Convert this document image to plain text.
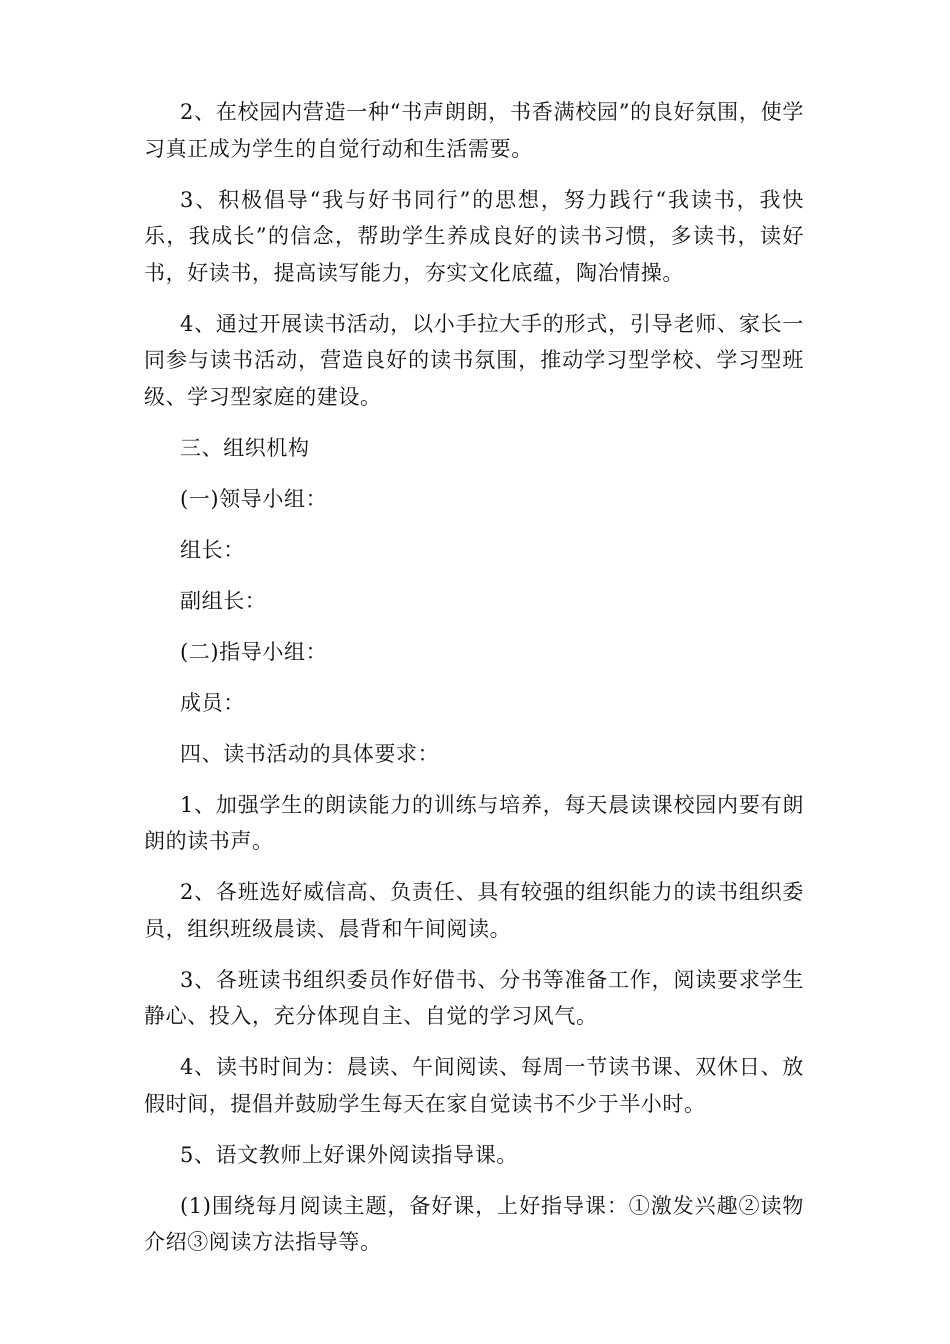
2、在校园内营造一种“书声朗朗，书香满校园”的良好氛围，使学习真正成为学生的自觉行动和生活需要。

3、积极倡导“我与好书同行”的思想，努力践行“我读书，我快乐，我成长”的信念，帮助学生养成良好的读书习惯，多读书，读好书，好读书，提高读写能力，夯实文化底蕴，陶冶情操。

4、通过开展读书活动，以小手拉大手的形式，引导老师、家长一同参与读书活动，营造良好的读书氛围，推动学习型学校、学习型班级、学习型家庭的建设。

三、组织机构

(一)领导小组：

组长：

副组长：

(二)指导小组：

成员：

四、读书活动的具体要求：

1、加强学生的朗读能力的训练与培养，每天晨读课校园内要有朗朗的读书声。

2、各班选好威信高、负责任、具有较强的组织能力的读书组织委员，组织班级晨读、晨背和午间阅读。

3、各班读书组织委员作好借书、分书等准备工作，阅读要求学生静心、投入，充分体现自主、自觉的学习风气。

4、读书时间为：晨读、午间阅读、每周一节读书课、双休日、放假时间，提倡并鼓励学生每天在家自觉读书不少于半小时。

5、语文教师上好课外阅读指导课。

(1)围绕每月阅读主题，备好课，上好指导课：①激发兴趣②读物介绍③阅读方法指导等。
